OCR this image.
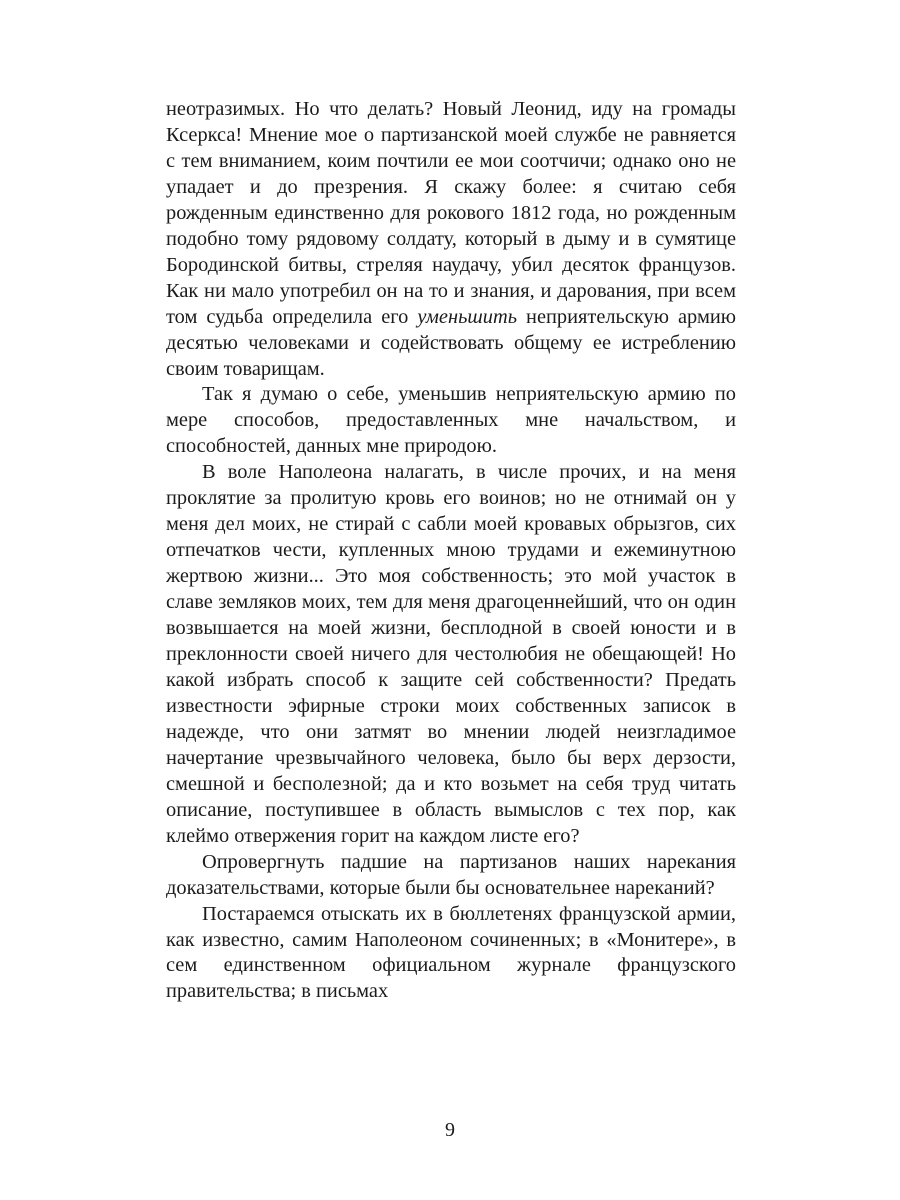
неотразимых. Но что делать? Новый Леонид, иду на громады Ксеркса! Мнение мое о партизанской моей службе не равняется с тем вниманием, коим почтили ее мои соотчичи; однако оно не упадает и до презрения. Я скажу более: я считаю себя рожденным единственно для рокового 1812 года, но рожденным подобно тому рядовому солдату, который в дыму и в сумятице Бородинской битвы, стреляя наудачу, убил десяток французов. Как ни мало употребил он на то и знания, и дарования, при всем том судьба определила его уменьшить неприятельскую армию десятью человеками и содействовать общему ее истреблению своим товарищам.

Так я думаю о себе, уменьшив неприятельскую армию по мере способов, предоставленных мне начальством, и способностей, данных мне природою.

В воле Наполеона налагать, в числе прочих, и на меня проклятие за пролитую кровь его воинов; но не отнимай он у меня дел моих, не стирай с сабли моей кровавых обрызгов, сих отпечатков чести, купленных мною трудами и ежеминутною жертвою жизни... Это моя собственность; это мой участок в славе земляков моих, тем для меня драгоценнейший, что он один возвышается на моей жизни, бесплодной в своей юности и в преклонности своей ничего для честолюбия не обещающей! Но какой избрать способ к защите сей собственности? Предать известности эфирные строки моих собственных записок в надежде, что они затмят во мнении людей неизгладимое начертание чрезвычайного человека, было бы верх дерзости, смешной и бесполезной; да и кто возьмет на себя труд читать описание, поступившее в область вымыслов с тех пор, как клеймо отвержения горит на каждом листе его?

Опровергнуть падшие на партизанов наших нарекания доказательствами, которые были бы основательнее нареканий?

Постараемся отыскать их в бюллетенях французской армии, как известно, самим Наполеоном сочиненных; в «Монитере», в сем единственном официальном журнале французского правительства; в письмах

9
